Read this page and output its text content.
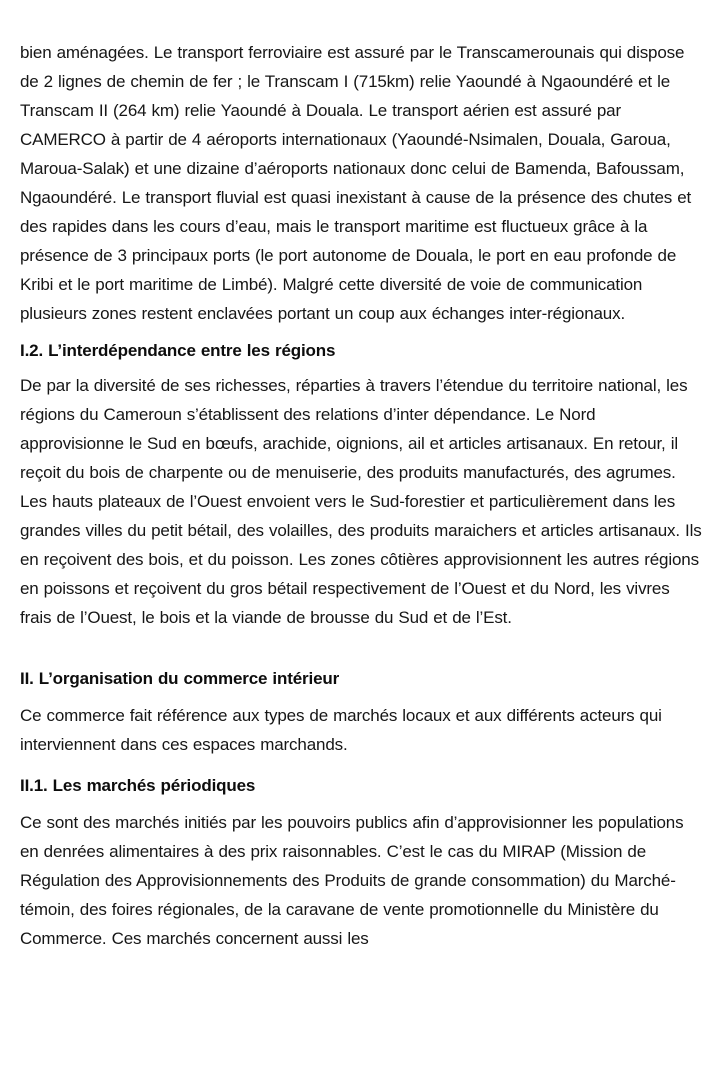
bien aménagées. Le transport ferroviaire est assuré par le Transcamerounais qui dispose de 2 lignes de chemin de fer ; le Transcam I (715km) relie Yaoundé à Ngaoundéré et le Transcam II (264 km) relie Yaoundé à Douala. Le transport aérien est assuré par CAMERCO à partir de 4 aéroports internationaux (Yaoundé-Nsimalen, Douala, Garoua, Maroua-Salak) et une dizaine d’aéroports nationaux donc celui de Bamenda, Bafoussam, Ngaoundéré. Le transport fluvial est quasi inexistant à cause de la présence des chutes et des rapides dans les cours d’eau, mais le transport maritime est fluctueux grâce à la présence de 3 principaux ports (le port autonome de Douala, le port en eau profonde de Kribi et le port maritime de Limbé). Malgré cette diversité de voie de communication plusieurs zones restent enclavées portant un coup aux échanges inter-régionaux.

I.2. L’interdépendance entre les régions

De par la diversité de ses richesses, réparties à travers l’étendue du territoire national, les régions du Cameroun s’établissent des relations d’inter dépendance. Le Nord approvisionne le Sud en bœufs, arachide, oignions, ail et articles artisanaux. En retour, il reçoit du bois de charpente ou de menuiserie, des produits manufacturés, des agrumes. Les hauts plateaux de l’Ouest envoient vers le Sud-forestier et particulièrement dans les grandes villes du petit bétail, des volailles, des produits maraichers et articles artisanaux. Ils en reçoivent des bois, et du poisson. Les zones côtières approvisionnent les autres régions en poissons et reçoivent du gros bétail respectivement de l’Ouest et du Nord, les vivres frais de l’Ouest, le bois et la viande de brousse du Sud et de l’Est.

II. L’organisation du commerce intérieur

Ce commerce fait référence aux types de marchés locaux et aux différents acteurs qui interviennent dans ces espaces marchands.

II.1. Les marchés périodiques

Ce sont des marchés initiés par les pouvoirs publics afin d’approvisionner les populations en denrées alimentaires à des prix raisonnables. C’est le cas du MIRAP (Mission de Régulation des Approvisionnements des Produits de grande consommation) du Marché-témoin, des foires régionales, de la caravane de vente promotionnelle du Ministère du Commerce. Ces marchés concernent aussi les
